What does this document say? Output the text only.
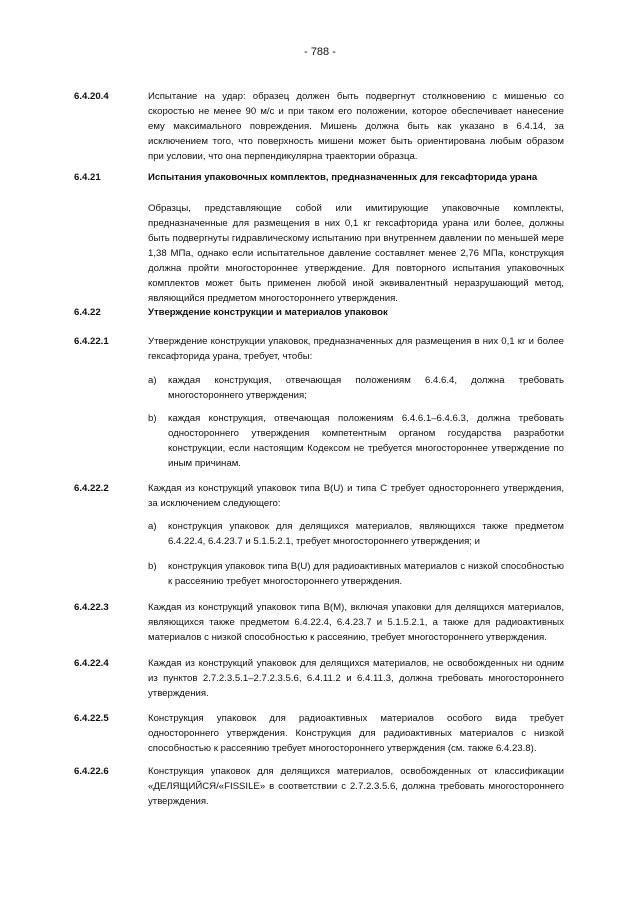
- 788 -
6.4.20.4	Испытание на удар: образец должен быть подвергнут столкновению с мишенью со скоростью не менее 90 м/с и при таком его положении, которое обеспечивает нанесение ему максимального повреждения. Мишень должна быть как указано в 6.4.14, за исключением того, что поверхность мишени может быть ориентирована любым образом при условии, что она перпендикулярна траектории образца.
6.4.21	Испытания упаковочных комплектов, предназначенных для гексафторида урана
Образцы, представляющие собой или имитирующие упаковочные комплекты, предназначенные для размещения в них 0,1 кг гексафторида урана или более, должны быть подвергнуты гидравлическому испытанию при внутреннем давлении по меньшей мере 1,38 МПа, однако если испытательное давление составляет менее 2,76 МПа, конструкция должна пройти многостороннее утверждение. Для повторного испытания упаковочных комплектов может быть применен любой иной эквивалентный неразрушающий метод, являющийся предметом многостороннего утверждения.
6.4.22	Утверждение конструкции и материалов упаковок
6.4.22.1	Утверждение конструкции упаковок, предназначенных для размещения в них 0,1 кг и более гексафторида урана, требует, чтобы:
a) каждая конструкция, отвечающая положениям 6.4.6.4, должна требовать многостороннего утверждения;
b) каждая конструкция, отвечающая положениям 6.4.6.1–6.4.6.3, должна требовать одностороннего утверждения компетентным органом государства разработки конструкции, если настоящим Кодексом не требуется многостороннее утверждение по иным причинам.
6.4.22.2	Каждая из конструкций упаковок типа B(U) и типа C требует одностороннего утверждения, за исключением следующего:
a) конструкция упаковок для делящихся материалов, являющихся также предметом 6.4.22.4, 6.4.23.7 и 5.1.5.2.1, требует многостороннего утверждения; и
b) конструкция упаковок типа B(U) для радиоактивных материалов с низкой способностью к рассеянию требует многостороннего утверждения.
6.4.22.3	Каждая из конструкций упаковок типа B(M), включая упаковки для делящихся материалов, являющихся также предметом 6.4.22.4, 6.4.23.7 и 5.1.5.2.1, а также для радиоактивных материалов с низкой способностью к рассеянию, требует многостороннего утверждения.
6.4.22.4	Каждая из конструкций упаковок для делящихся материалов, не освобожденных ни одним из пунктов 2.7.2.3.5.1–2.7.2.3.5.6, 6.4.11.2 и 6.4.11.3, должна требовать многостороннего утверждения.
6.4.22.5	Конструкция упаковок для радиоактивных материалов особого вида требует одностороннего утверждения. Конструкция для радиоактивных материалов с низкой способностью к рассеянию требует многостороннего утверждения (см. также 6.4.23.8).
6.4.22.6	Конструкция упаковок для делящихся материалов, освобожденных от классификации «ДЕЛЯЩИЙСЯ/«FISSILE» в соответствии с 2.7.2.3.5.6, должна требовать многостороннего утверждения.
